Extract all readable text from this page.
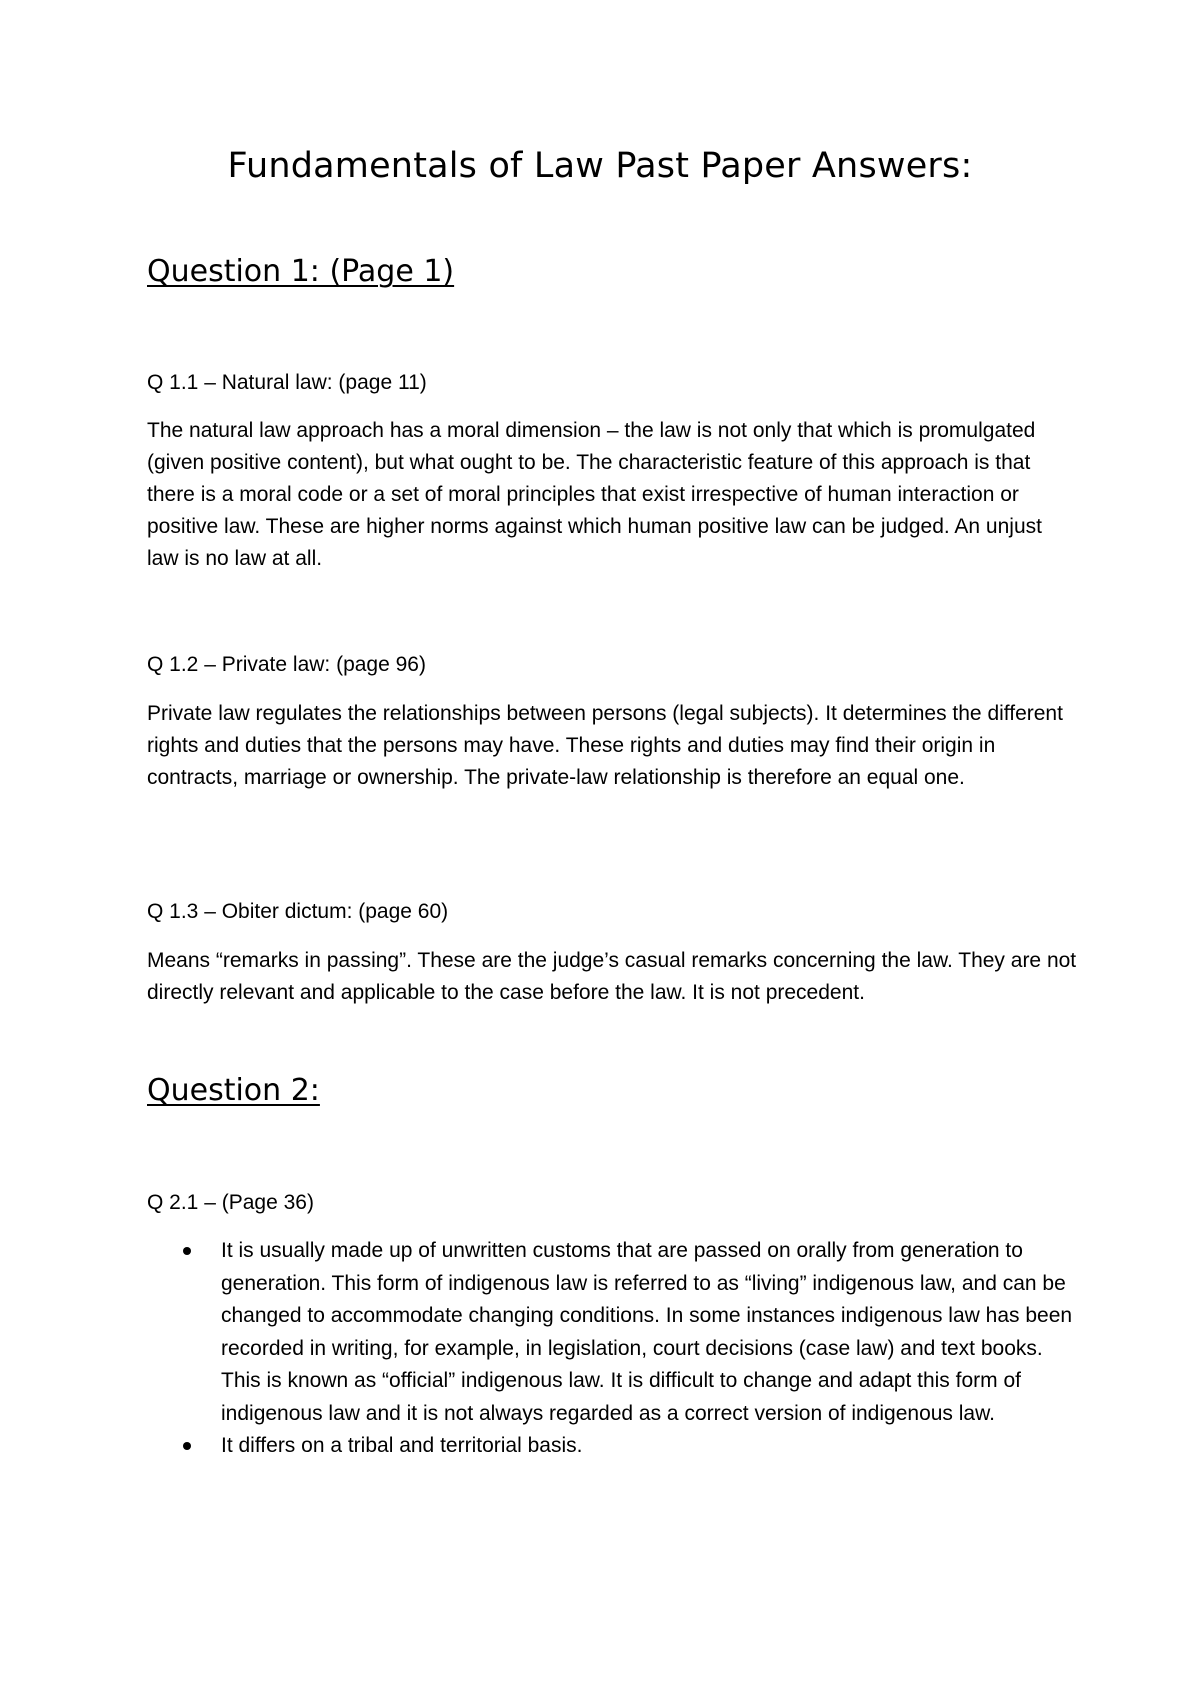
Fundamentals of Law Past Paper Answers:
Question 1: (Page 1)

Q 1.1 – Natural law: (page 11)

The natural law approach has a moral dimension – the law is not only that which is promulgated (given positive content), but what ought to be. The characteristic feature of this approach is that there is a moral code or a set of moral principles that exist irrespective of human interaction or positive law. These are higher norms against which human positive law can be judged. An unjust law is no law at all.

Q 1.2 – Private law: (page 96)

Private law regulates the relationships between persons (legal subjects). It determines the different rights and duties that the persons may have. These rights and duties may find their origin in contracts, marriage or ownership. The private-law relationship is therefore an equal one.

Q 1.3 – Obiter dictum: (page 60)

Means “remarks in passing”. These are the judge’s casual remarks concerning the law. They are not directly relevant and applicable to the case before the law. It is not precedent.

Question 2:

Q 2.1 – (Page 36)

It is usually made up of unwritten customs that are passed on orally from generation to generation. This form of indigenous law is referred to as “living” indigenous law, and can be changed to accommodate changing conditions. In some instances indigenous law has been recorded in writing, for example, in legislation, court decisions (case law) and text books. This is known as “official” indigenous law. It is difficult to change and adapt this form of indigenous law and it is not always regarded as a correct version of indigenous law.
It differs on a tribal and territorial basis.
